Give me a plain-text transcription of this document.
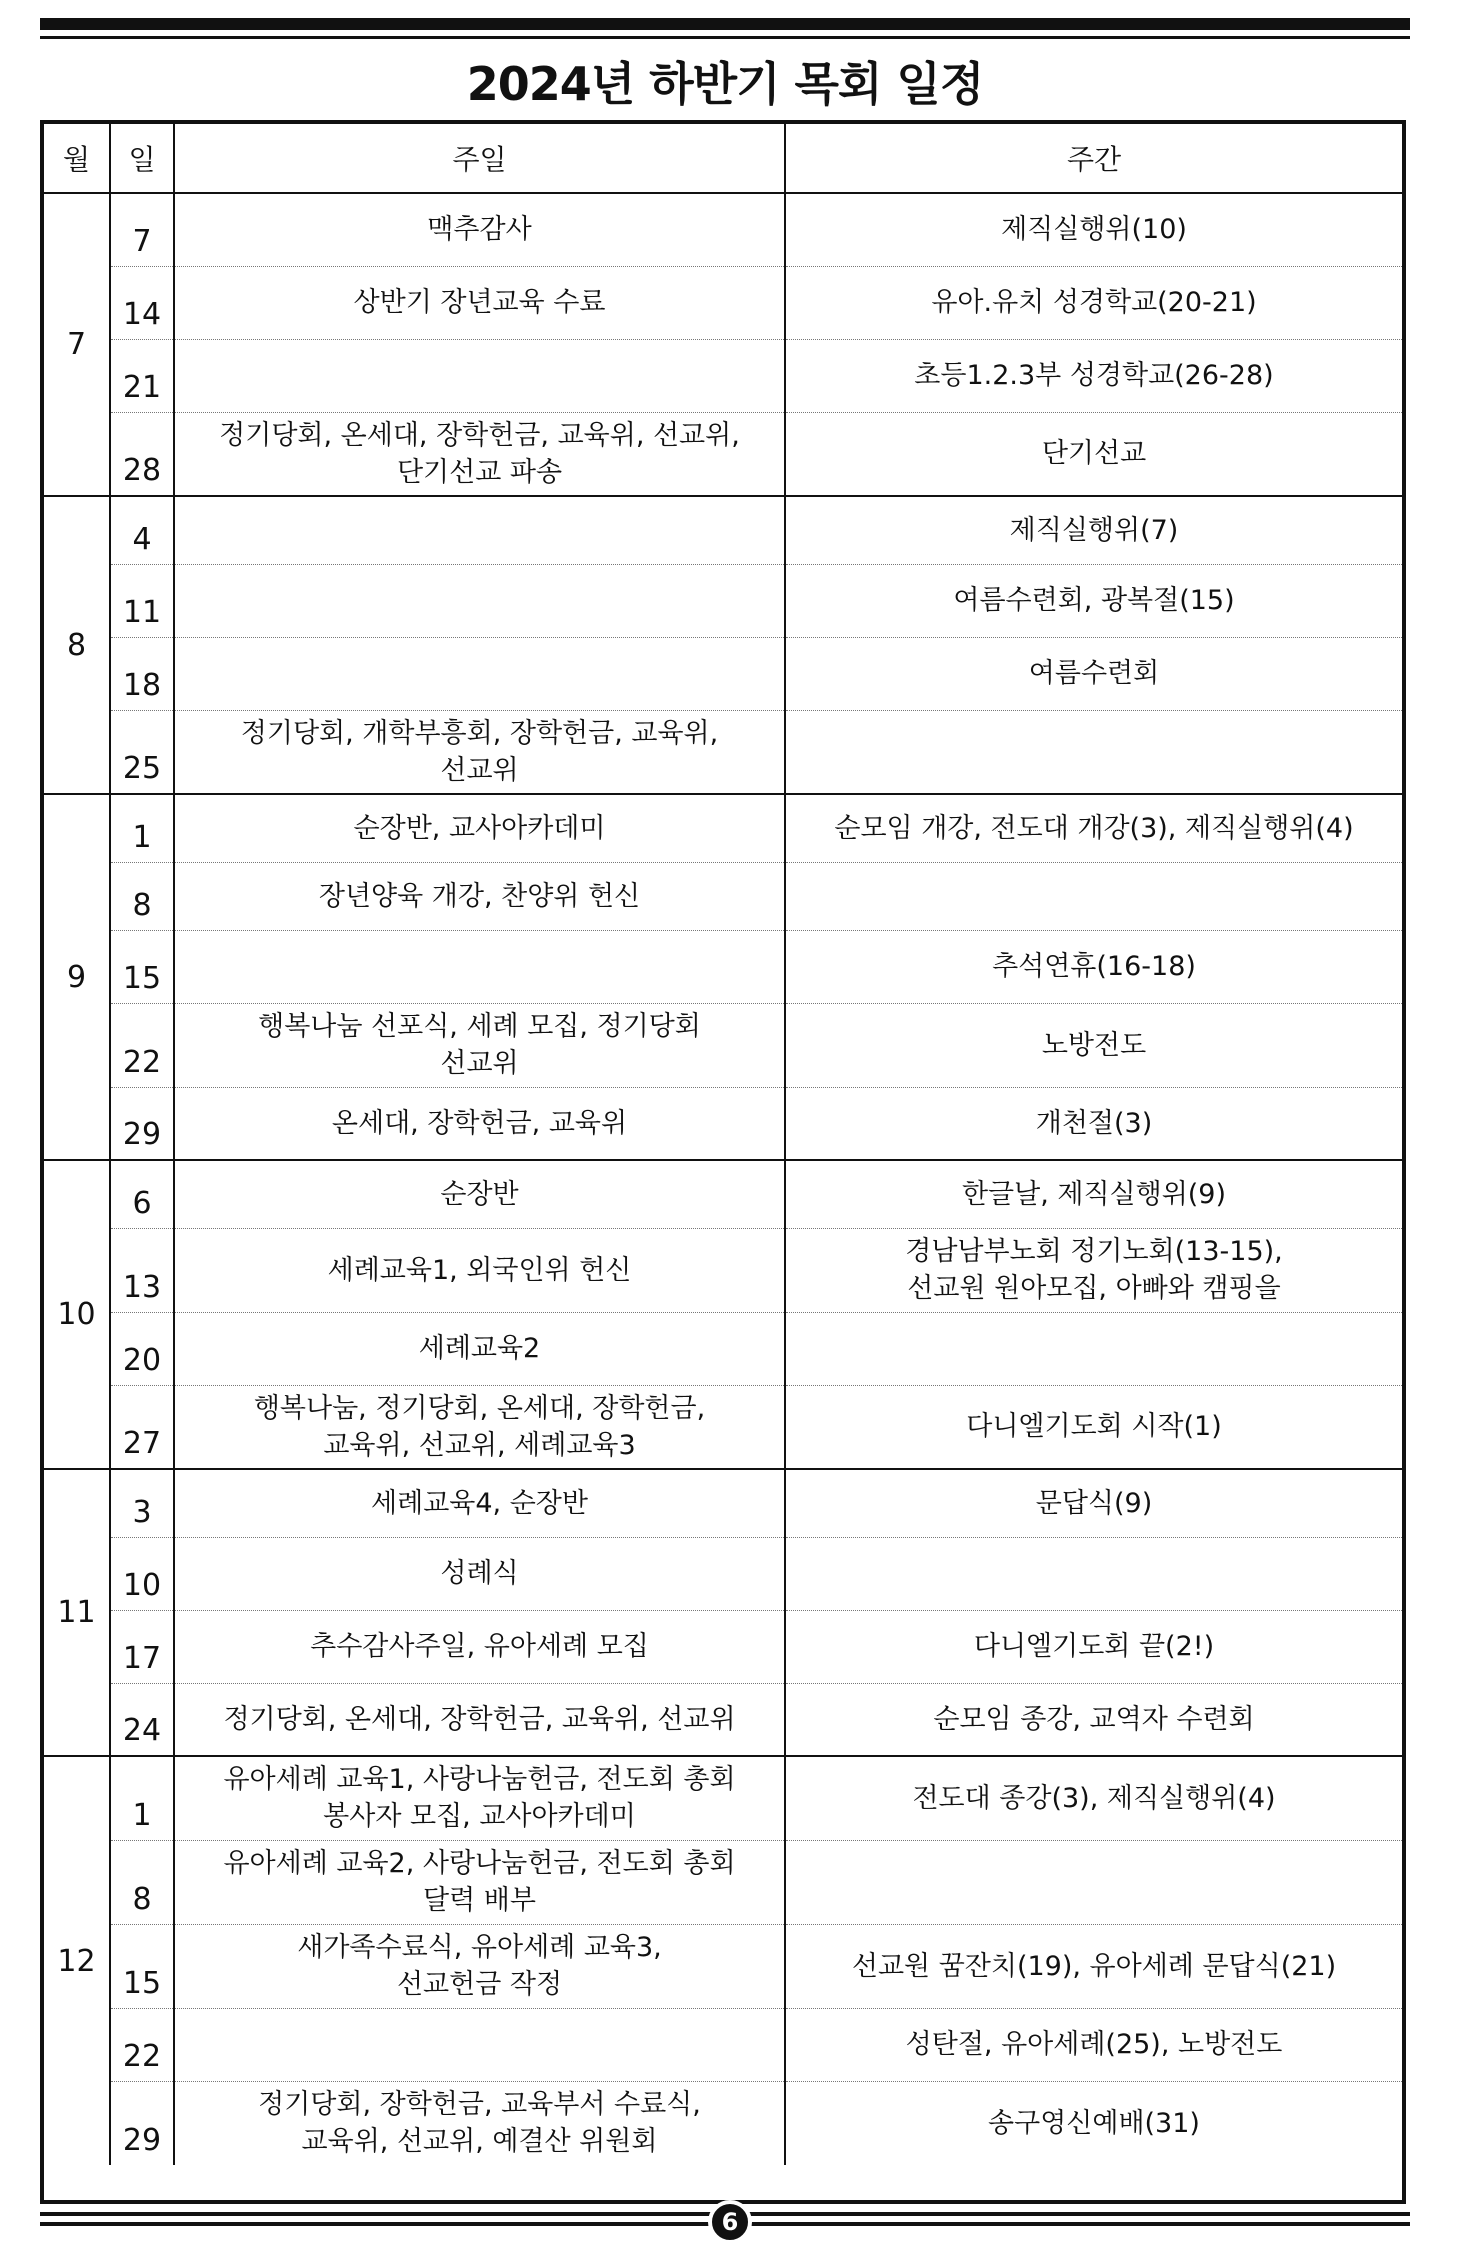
2024년 하반기 목회 일정
월	일	주일	주간
7	7	맥추감사	제직실행위(10)
	14	상반기 장년교육 수료	유아.유치 성경학교(20-21)
	21		초등1.2.3부 성경학교(26-28)
	28	정기당회, 온세대, 장학헌금, 교육위, 선교위,
단기선교 파송	단기선교
8	4		제직실행위(7)
	11		여름수련회, 광복절(15)
	18		여름수련회
	25	정기당회, 개학부흥회, 장학헌금, 교육위,
선교위	
9	1	순장반, 교사아카데미	순모임 개강, 전도대 개강(3), 제직실행위(4)
	8	장년양육 개강, 찬양위 헌신	
	15		추석연휴(16-18)
	22	행복나눔 선포식, 세례 모집, 정기당회
선교위	노방전도
	29	온세대, 장학헌금, 교육위	개천절(3)
10	6	순장반	한글날, 제직실행위(9)
	13	세례교육1, 외국인위 헌신	경남남부노회 정기노회(13-15),
선교원 원아모집, 아빠와 캠핑을
	20	세례교육2	
	27	행복나눔, 정기당회, 온세대, 장학헌금,
교육위, 선교위, 세례교육3	다니엘기도회 시작(1)
11	3	세례교육4, 순장반	문답식(9)
	10	성례식	
	17	추수감사주일, 유아세례 모집	다니엘기도회 끝(2!)
	24	정기당회, 온세대, 장학헌금, 교육위, 선교위	순모임 종강, 교역자 수련회
12	1	유아세례 교육1, 사랑나눔헌금, 전도회 총회
봉사자 모집, 교사아카데미	전도대 종강(3), 제직실행위(4)
	8	유아세례 교육2, 사랑나눔헌금, 전도회 총회
달력 배부	
	15	새가족수료식, 유아세례 교육3,
선교헌금 작정	선교원 꿈잔치(19), 유아세례 문답식(21)
	22		성탄절, 유아세례(25), 노방전도
	29	정기당회, 장학헌금, 교육부서 수료식,
교육위, 선교위, 예결산 위원회	송구영신예배(31)
6
